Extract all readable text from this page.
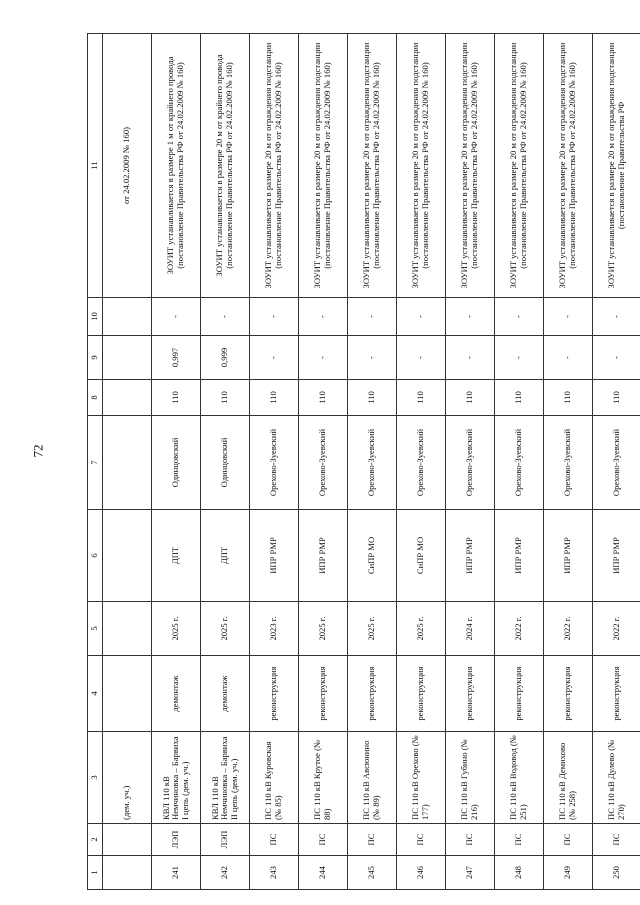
72
1	2	3	4	5	6	7	8	9	10	11
		(дем. уч.)								от 24.02.2009 № 160)
241	ЛЭП	КВЛ 110 кВ Немчиновка – Барвиха I цепь (дем. уч.)	демонтаж	2025 г.	ДПТ	Одинцовский	110	0,997	-	ЗОУИТ устанавливается в размере 1 м от крайнего провода (постановление Правительства РФ от 24.02.2009 № 160)
242	ЛЭП	КВЛ 110 кВ Немчиновка – Барвиха II цепь (дем. уч.)	демонтаж	2025 г.	ДПТ	Одинцовский	110	0,999	-	ЗОУИТ устанавливается в размере 20 м от крайнего провода (постановление Правительства РФ от 24.02.2009 № 160)
243	ПС	ПС 110 кВ Куровская (№ 85)	реконструкция	2023 г.	ИПР РМР	Орехово-Зуевский	110	-	-	ЗОУИТ устанавливается в размере 20 м от ограждения подстанции (постановление Правительства РФ от 24.02.2009 № 160)
244	ПС	ПС 110 кВ Крутое (№ 88)	реконструкция	2025 г.	ИПР РМР	Орехово-Зуевский	110	-	-	ЗОУИТ устанавливается в размере 20 м от ограждения подстанции (постановление Правительства РФ от 24.02.2009 № 160)
245	ПС	ПС 110 кВ Авсюнино (№ 89)	реконструкция	2025 г.	СиПР МО	Орехово-Зуевский	110	-	-	ЗОУИТ устанавливается в размере 20 м от ограждения подстанции (постановление Правительства РФ от 24.02.2009 № 160)
246	ПС	ПС 110 кВ Орехово (№ 177)	реконструкция	2025 г.	СиПР МО	Орехово-Зуевский	110	-	-	ЗОУИТ устанавливается в размере 20 м от ограждения подстанции (постановление Правительства РФ от 24.02.2009 № 160)
247	ПС	ПС 110 кВ Губино (№ 216)	реконструкция	2024 г.	ИПР РМР	Орехово-Зуевский	110	-	-	ЗОУИТ устанавливается в размере 20 м от ограждения подстанции (постановление Правительства РФ от 24.02.2009 № 160)
248	ПС	ПС 110 кВ Водовод (№ 251)	реконструкция	2022 г.	ИПР РМР	Орехово-Зуевский	110	-	-	ЗОУИТ устанавливается в размере 20 м от ограждения подстанции (постановление Правительства РФ от 24.02.2009 № 160)
249	ПС	ПС 110 кВ Демихово (№ 258)	реконструкция	2022 г.	ИПР РМР	Орехово-Зуевский	110	-	-	ЗОУИТ устанавливается в размере 20 м от ограждения подстанции (постановление Правительства РФ от 24.02.2009 № 160)
250	ПС	ПС 110 кВ Дулево (№ 270)	реконструкция	2022 г.	ИПР РМР	Орехово-Зуевский	110	-	-	ЗОУИТ устанавливается в размере 20 м от ограждения подстанции (постановление Правительства РФ
